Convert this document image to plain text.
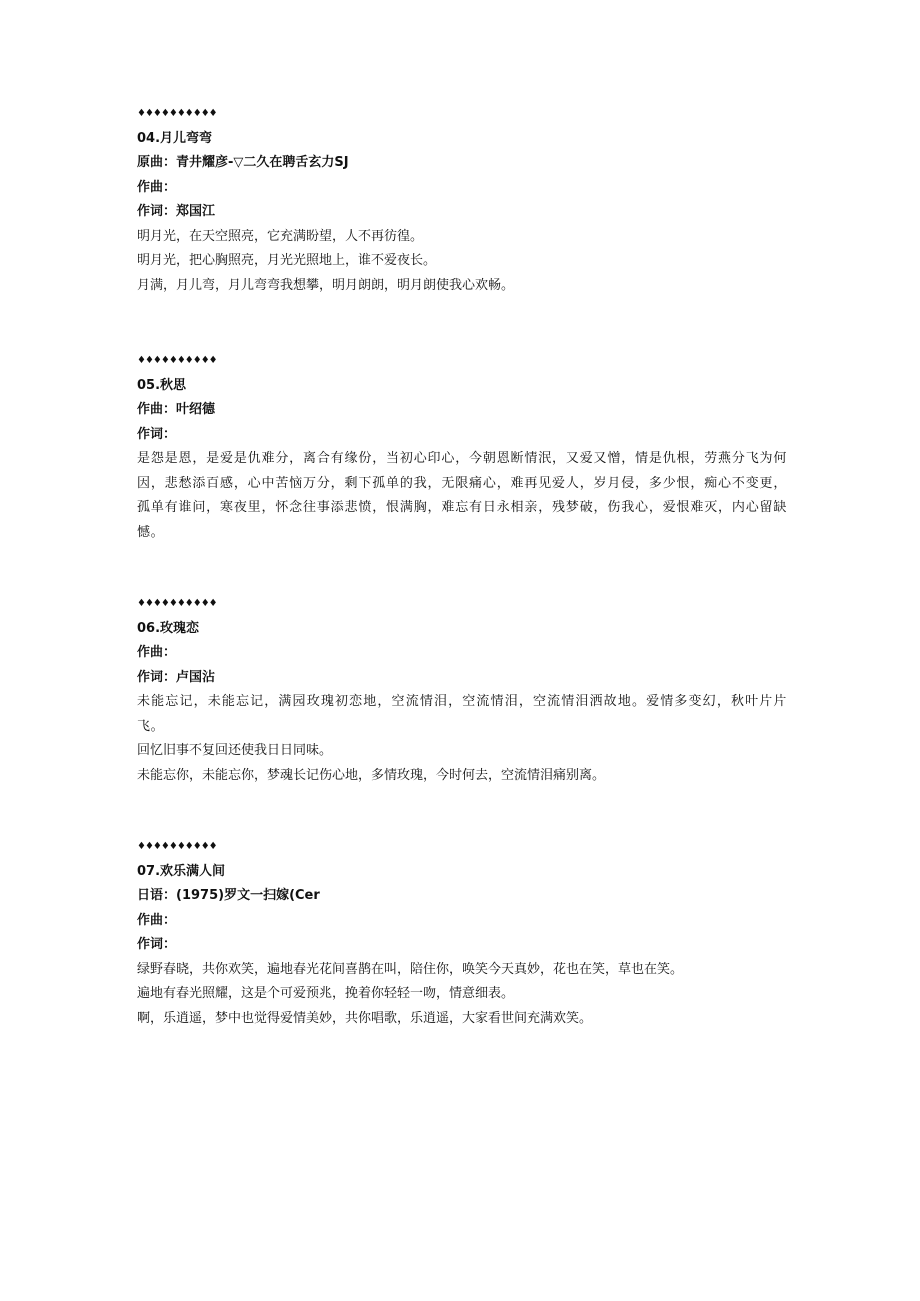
♦♦♦♦♦♦♦♦♦♦
04.月儿弯弯
原曲：青井耀彦-▽二久在聘舌玄力SJ
作曲：
作词：郑国江
明月光，在天空照亮，它充满盼望，人不再彷徨。
明月光，把心胸照亮，月光光照地上，谁不爱夜长。
月满，月儿弯，月儿弯弯我想攀，明月朗朗，明月朗使我心欢畅。
♦♦♦♦♦♦♦♦♦♦
05.秋思
作曲：叶绍德
作词：
是怨是恩，是爱是仇难分，离合有缘份，当初心印心，今朝恩断情泯，又爱又憎，情是仇根，劳燕分飞为何因，悲愁添百感，心中苦恼万分，剩下孤单的我，无限痛心，难再见爱人，岁月侵，多少恨，痴心不变更，孤单有谁问，寒夜里，怀念往事添悲愤，恨满胸，难忘有日永相亲，残梦破，伤我心，爱恨难灭，内心留缺憾。
♦♦♦♦♦♦♦♦♦♦
06.玫瑰恋
作曲：
作词：卢国沾
未能忘记，未能忘记，满园玫瑰初恋地，空流情泪，空流情泪，空流情泪洒故地。爱情多变幻，秋叶片片飞。
回忆旧事不复回还使我日日同味。
未能忘你，未能忘你，梦魂长记伤心地，多情玫瑰，今时何去，空流情泪痛别离。
♦♦♦♦♦♦♦♦♦♦
07.欢乐满人间
日语：(1975)罗文一扫嫁(Cer
作曲：
作词：
绿野春晓，共你欢笑，遍地春光花间喜鹊在叫，陪住你，唤笑今天真妙，花也在笑，草也在笑。
遍地有春光照耀，这是个可爱预兆，挽着你轻轻一吻，情意细表。
啊，乐逍遥，梦中也觉得爱情美妙，共你唱歌，乐逍遥，大家看世间充满欢笑。
